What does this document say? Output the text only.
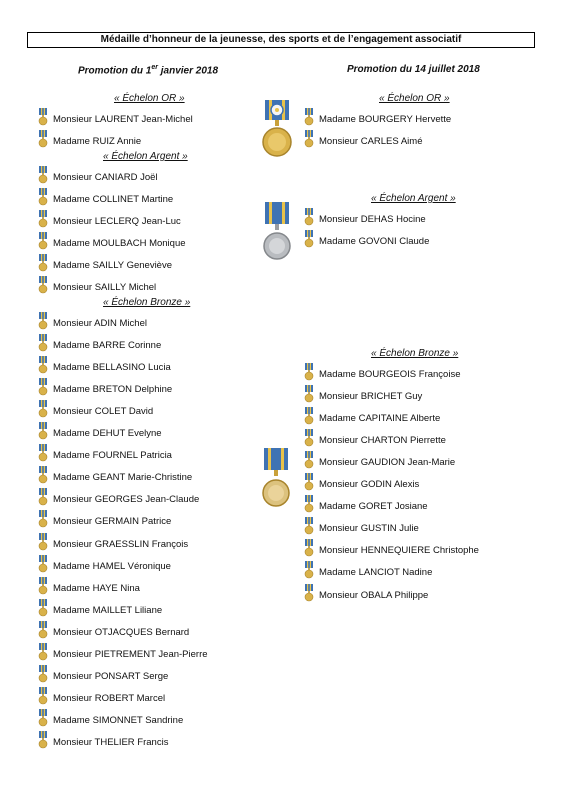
Médaille d’honneur de la jeunesse, des sports et de l’engagement associatif
Promotion du 1er janvier 2018	Promotion du 14 juillet 2018
« Échelon OR »
« Échelon Argent »
« Échelon Bronze »
« Échelon OR »
« Échelon Argent »
« Échelon Bronze »
Monsieur LAURENT Jean-Michel
Madame RUIZ Annie
Monsieur CANIARD Joël
Madame COLLINET Martine
Monsieur LECLERQ Jean-Luc
Madame MOULBACH Monique
Madame SAILLY Geneviève
Monsieur SAILLY Michel
Monsieur ADIN Michel
Madame BARRE Corinne
Madame BELLASINO Lucia
Madame BRETON Delphine
Monsieur COLET David
Madame DEHUT Evelyne
Madame FOURNEL Patricia
Madame GEANT Marie-Christine
Monsieur GEORGES Jean-Claude
Monsieur GERMAIN Patrice
Monsieur GRAESSLIN François
Madame HAMEL Véronique
Madame HAYE Nina
Madame MAILLET Liliane
Monsieur OTJACQUES Bernard
Monsieur PIETREMENT Jean-Pierre
Monsieur PONSART Serge
Monsieur ROBERT Marcel
Madame SIMONNET Sandrine
Monsieur THELIER Francis
Madame BOURGERY Hervette
Monsieur CARLES Aimé
Monsieur DEHAS Hocine
Madame GOVONI Claude
Madame BOURGEOIS Françoise
Monsieur BRICHET Guy
Madame CAPITAINE Alberte
Monsieur CHARTON Pierrette
Monsieur GAUDION Jean-Marie
Monsieur GODIN Alexis
Madame GORET Josiane
Monsieur GUSTIN Julie
Monsieur HENNEQUIERE Christophe
Madame LANCIOT Nadine
Monsieur OBALA Philippe
